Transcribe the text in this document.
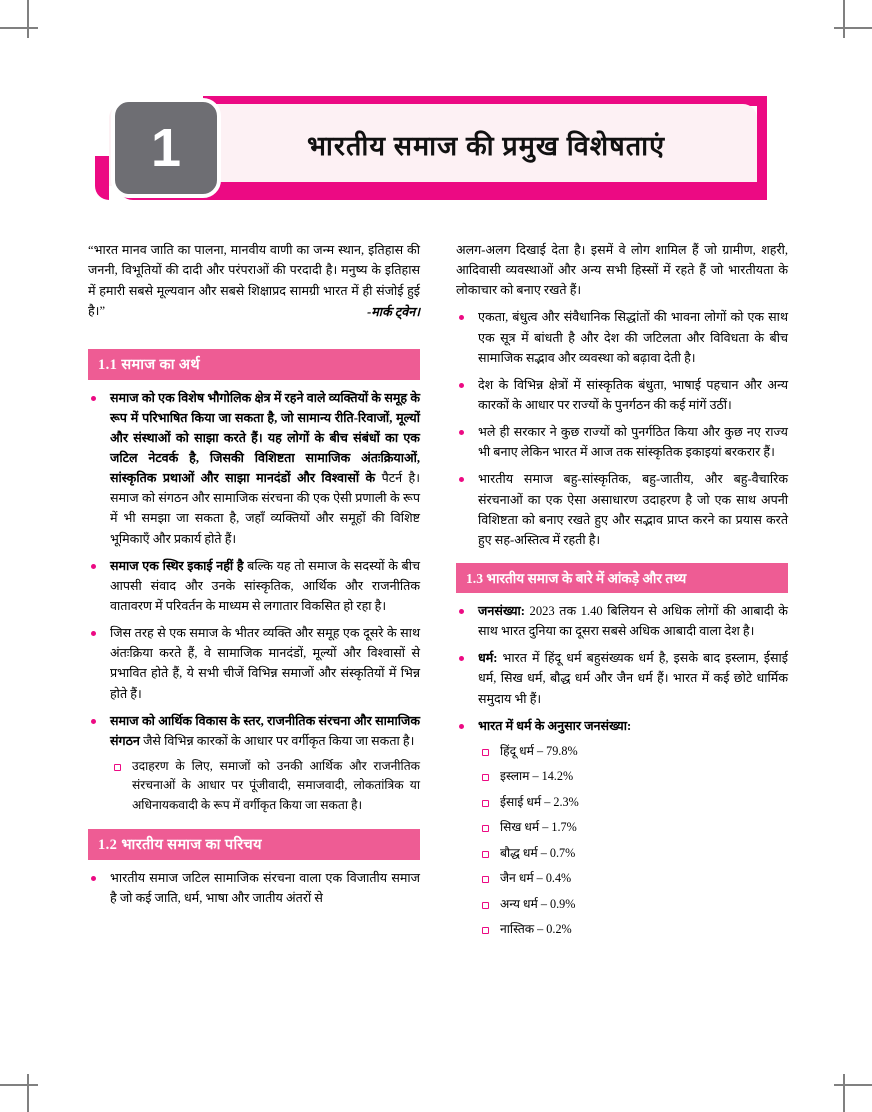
भारतीय समाज की प्रमुख विशेषताएं
1
“भारत मानव जाति का पालना, मानवीय वाणी का जन्म स्थान, इतिहास की जननी, विभूतियों की दादी और परंपराओं की परदादी है। मनुष्य के इतिहास में हमारी सबसे मूल्यवान और सबसे शिक्षाप्रद सामग्री भारत में ही संजोई हुई है।”	-मार्क ट्वेन।
1.1 समाज का अर्थ
समाज को एक विशेष भौगोलिक क्षेत्र में रहने वाले व्यक्तियों के समूह के रूप में परिभाषित किया जा सकता है, जो सामान्य रीति-रिवाजों, मूल्यों और संस्थाओं को साझा करते हैं। यह लोगों के बीच संबंधों का एक जटिल नेटवर्क है, जिसकी विशिष्टता सामाजिक अंतःक्रियाओं, सांस्कृतिक प्रथाओं और साझा मानदंडों और विश्वासों के पैटर्न है। समाज को संगठन और सामाजिक संरचना की एक ऐसी प्रणाली के रूप में भी समझा जा सकता है, जहाँ व्यक्तियों और समूहों की विशिष्ट भूमिकाएँ और प्रकार्य होते हैं।
समाज एक स्थिर इकाई नहीं है बल्कि यह तो समाज के सदस्यों के बीच आपसी संवाद और उनके सांस्कृतिक, आर्थिक और राजनीतिक वातावरण में परिवर्तन के माध्यम से लगातार विकसित हो रहा है।
जिस तरह से एक समाज के भीतर व्यक्ति और समूह एक दूसरे के साथ अंतःक्रिया करते हैं, वे सामाजिक मानदंडों, मूल्यों और विश्वासों से प्रभावित होते हैं, ये सभी चीजें विभिन्न समाजों और संस्कृतियों में भिन्न होते हैं।
समाज को आर्थिक विकास के स्तर, राजनीतिक संरचना और सामाजिक संगठन जैसे विभिन्न कारकों के आधार पर वर्गीकृत किया जा सकता है।
उदाहरण के लिए, समाजों को उनकी आर्थिक और राजनीतिक संरचनाओं के आधार पर पूंजीवादी, समाजवादी, लोकतांत्रिक या अधिनायकवादी के रूप में वर्गीकृत किया जा सकता है।
1.2 भारतीय समाज का परिचय
भारतीय समाज जटिल सामाजिक संरचना वाला एक विजातीय समाज है जो कई जाति, धर्म, भाषा और जातीय अंतरों से

अलग-अलग दिखाई देता है। इसमें वे लोग शामिल हैं जो ग्रामीण, शहरी, आदिवासी व्यवस्थाओं और अन्य सभी हिस्सों में रहते हैं जो भारतीयता के लोकाचार को बनाए रखते हैं।

एकता, बंधुत्व और संवैधानिक सिद्धांतों की भावना लोगों को एक साथ एक सूत्र में बांधती है और देश की जटिलता और विविधता के बीच सामाजिक सद्भाव और व्यवस्था को बढ़ावा देती है।
देश के विभिन्न क्षेत्रों में सांस्कृतिक बंधुता, भाषाई पहचान और अन्य कारकों के आधार पर राज्यों के पुनर्गठन की कई मांगें उठीं।
भले ही सरकार ने कुछ राज्यों को पुनर्गठित किया और कुछ नए राज्य भी बनाए लेकिन भारत में आज तक सांस्कृतिक इकाइयां बरकरार हैं।
भारतीय समाज बहु-सांस्कृतिक, बहु-जातीय, और बहु-वैचारिक संरचनाओं का एक ऐसा असाधारण उदाहरण है जो एक साथ अपनी विशिष्टता को बनाए रखते हुए और सद्भाव प्राप्त करने का प्रयास करते हुए सह-अस्तित्व में रहती है।
1.3 भारतीय समाज के बारे में आंकड़े और तथ्य
जनसंख्या: 2023 तक 1.40 बिलियन से अधिक लोगों की आबादी के साथ भारत दुनिया का दूसरा सबसे अधिक आबादी वाला देश है।
धर्म: भारत में हिंदू धर्म बहुसंख्यक धर्म है, इसके बाद इस्लाम, ईसाई धर्म, सिख धर्म, बौद्ध धर्म और जैन धर्म हैं। भारत में कई छोटे धार्मिक समुदाय भी हैं।
भारत में धर्म के अनुसार जनसंख्या:
हिंदू धर्म – 79.8%
इस्लाम – 14.2%
ईसाई धर्म – 2.3%
सिख धर्म – 1.7%
बौद्ध धर्म – 0.7%
जैन धर्म – 0.4%
अन्य धर्म – 0.9%
नास्तिक – 0.2%
